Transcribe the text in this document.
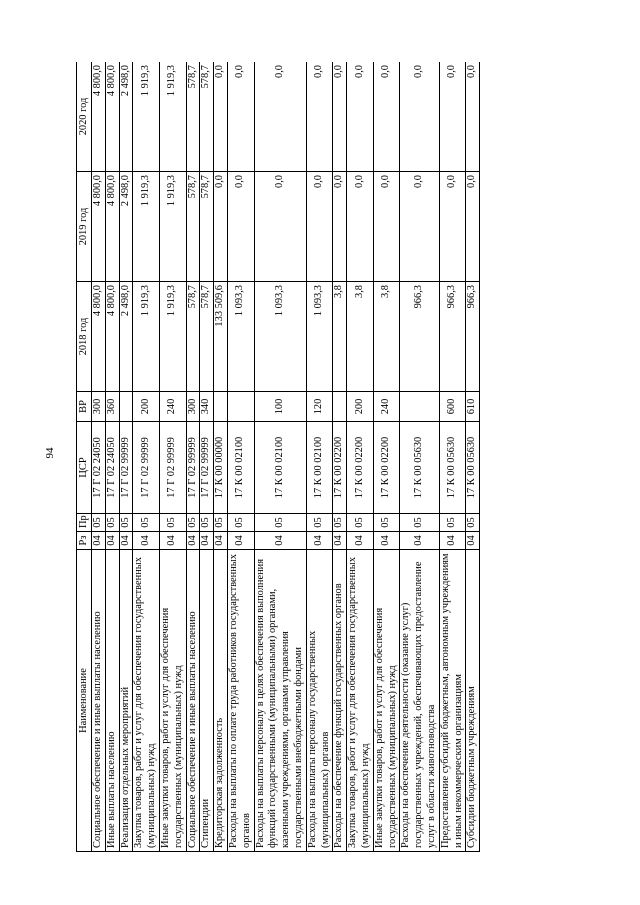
94
Наименование	Рз	Пр	ЦСР	ВР	2018 год	2019 год	2020 год
Социальное обеспечение и иные выплаты населению	04	05	17 Г 02 24050	300	4 800,0	4 800,0	4 800,0
Иные выплаты населению	04	05	17 Г 02 24050	360	4 800,0	4 800,0	4 800,0
Реализация отдельных мероприятий	04	05	17 Г 02 99999		2 498,0	2 498,0	2 498,0
Закупка товаров, работ и услуг для обеспечения государственных (муниципальных) нужд	04	05	17 Г 02 99999	200	1 919,3	1 919,3	1 919,3
Иные закупки товаров, работ и услуг для обеспечения государственных (муниципальных) нужд	04	05	17 Г 02 99999	240	1 919,3	1 919,3	1 919,3
Социальное обеспечение и иные выплаты населению	04	05	17 Г 02 99999	300	578,7	578,7	578,7
Стипендии	04	05	17 Г 02 99999	340	578,7	578,7	578,7
Кредиторская задолженность	04	05	17 К 00 00000		133 509,6	0,0	0,0
Расходы на выплаты по оплате труда работников государственных органов	04	05	17 К 00 02100		1 093,3	0,0	0,0
Расходы на выплаты персоналу в целях обеспечения выполнения функций государственными (муниципальными) органами, казенными учреждениями, органами управления государственными внебюджетными фондами	04	05	17 К 00 02100	100	1 093,3	0,0	0,0
Расходы на выплаты персоналу государственных (муниципальных) органов	04	05	17 К 00 02100	120	1 093,3	0,0	0,0
Расходы на обеспечение функций государственных органов	04	05	17 К 00 02200		3,8	0,0	0,0
Закупка товаров, работ и услуг для обеспечения государственных (муниципальных) нужд	04	05	17 К 00 02200	200	3,8	0,0	0,0
Иные закупки товаров, работ и услуг для обеспечения государственных (муниципальных) нужд	04	05	17 К 00 02200	240	3,8	0,0	0,0
Расходы на обеспечение деятельности (оказание услуг) государственных учреждений, обеспечивающих предоставление услуг в области животноводства	04	05	17 К 00 05630		966,3	0,0	0,0
Предоставление субсидий бюджетным, автономным учреждениям и иным некоммерческим организациям	04	05	17 К 00 05630	600	966,3	0,0	0,0
Субсидии бюджетным учреждениям	04	05	17 К 00 05630	610	966,3	0,0	0,0
